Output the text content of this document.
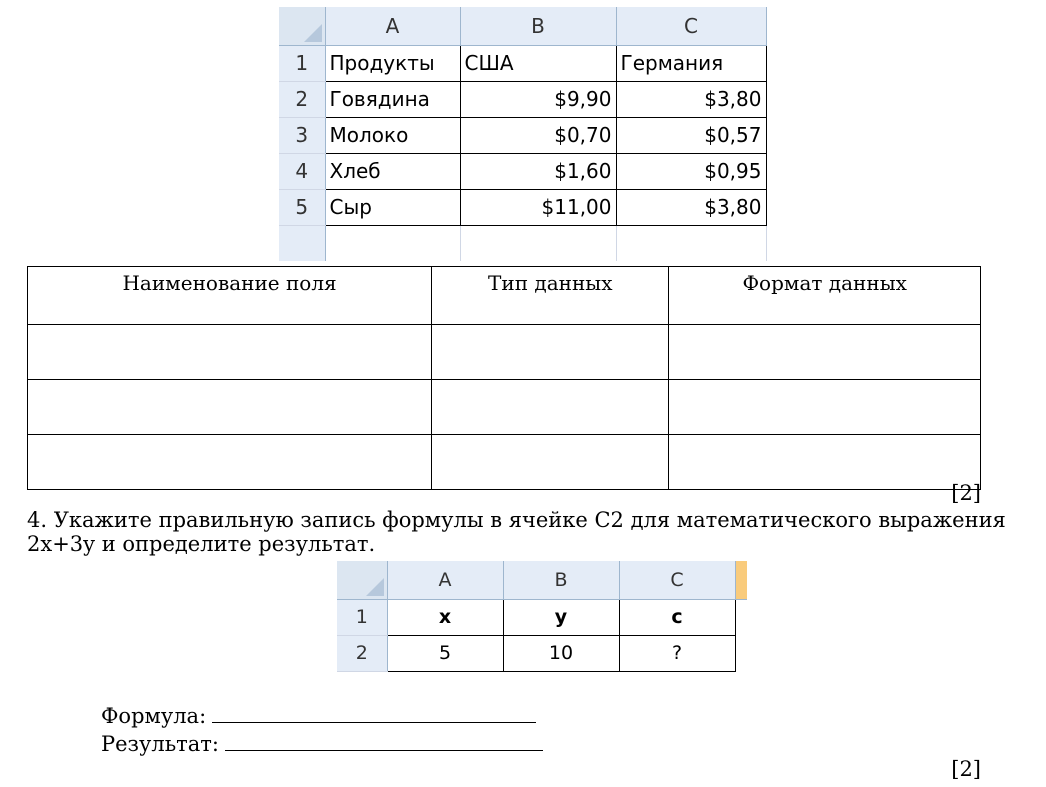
	A	B	C
1	Продукты	США	Германия
2	Говядина	$9,90	$3,80
3	Молоко	$0,70	$0,57
4	Хлеб	$1,60	$0,95
5	Сыр	$11,00	$3,80

Наименование поля	Тип данных	Формат данных

[2]
4. Укажите правильную запись формулы в ячейке С2 для математического выражения
2x+3y и определите результат.
	A	B	C	
1	x	y	c	
2	5	10	?	
Формула:
Результат:
[2]
